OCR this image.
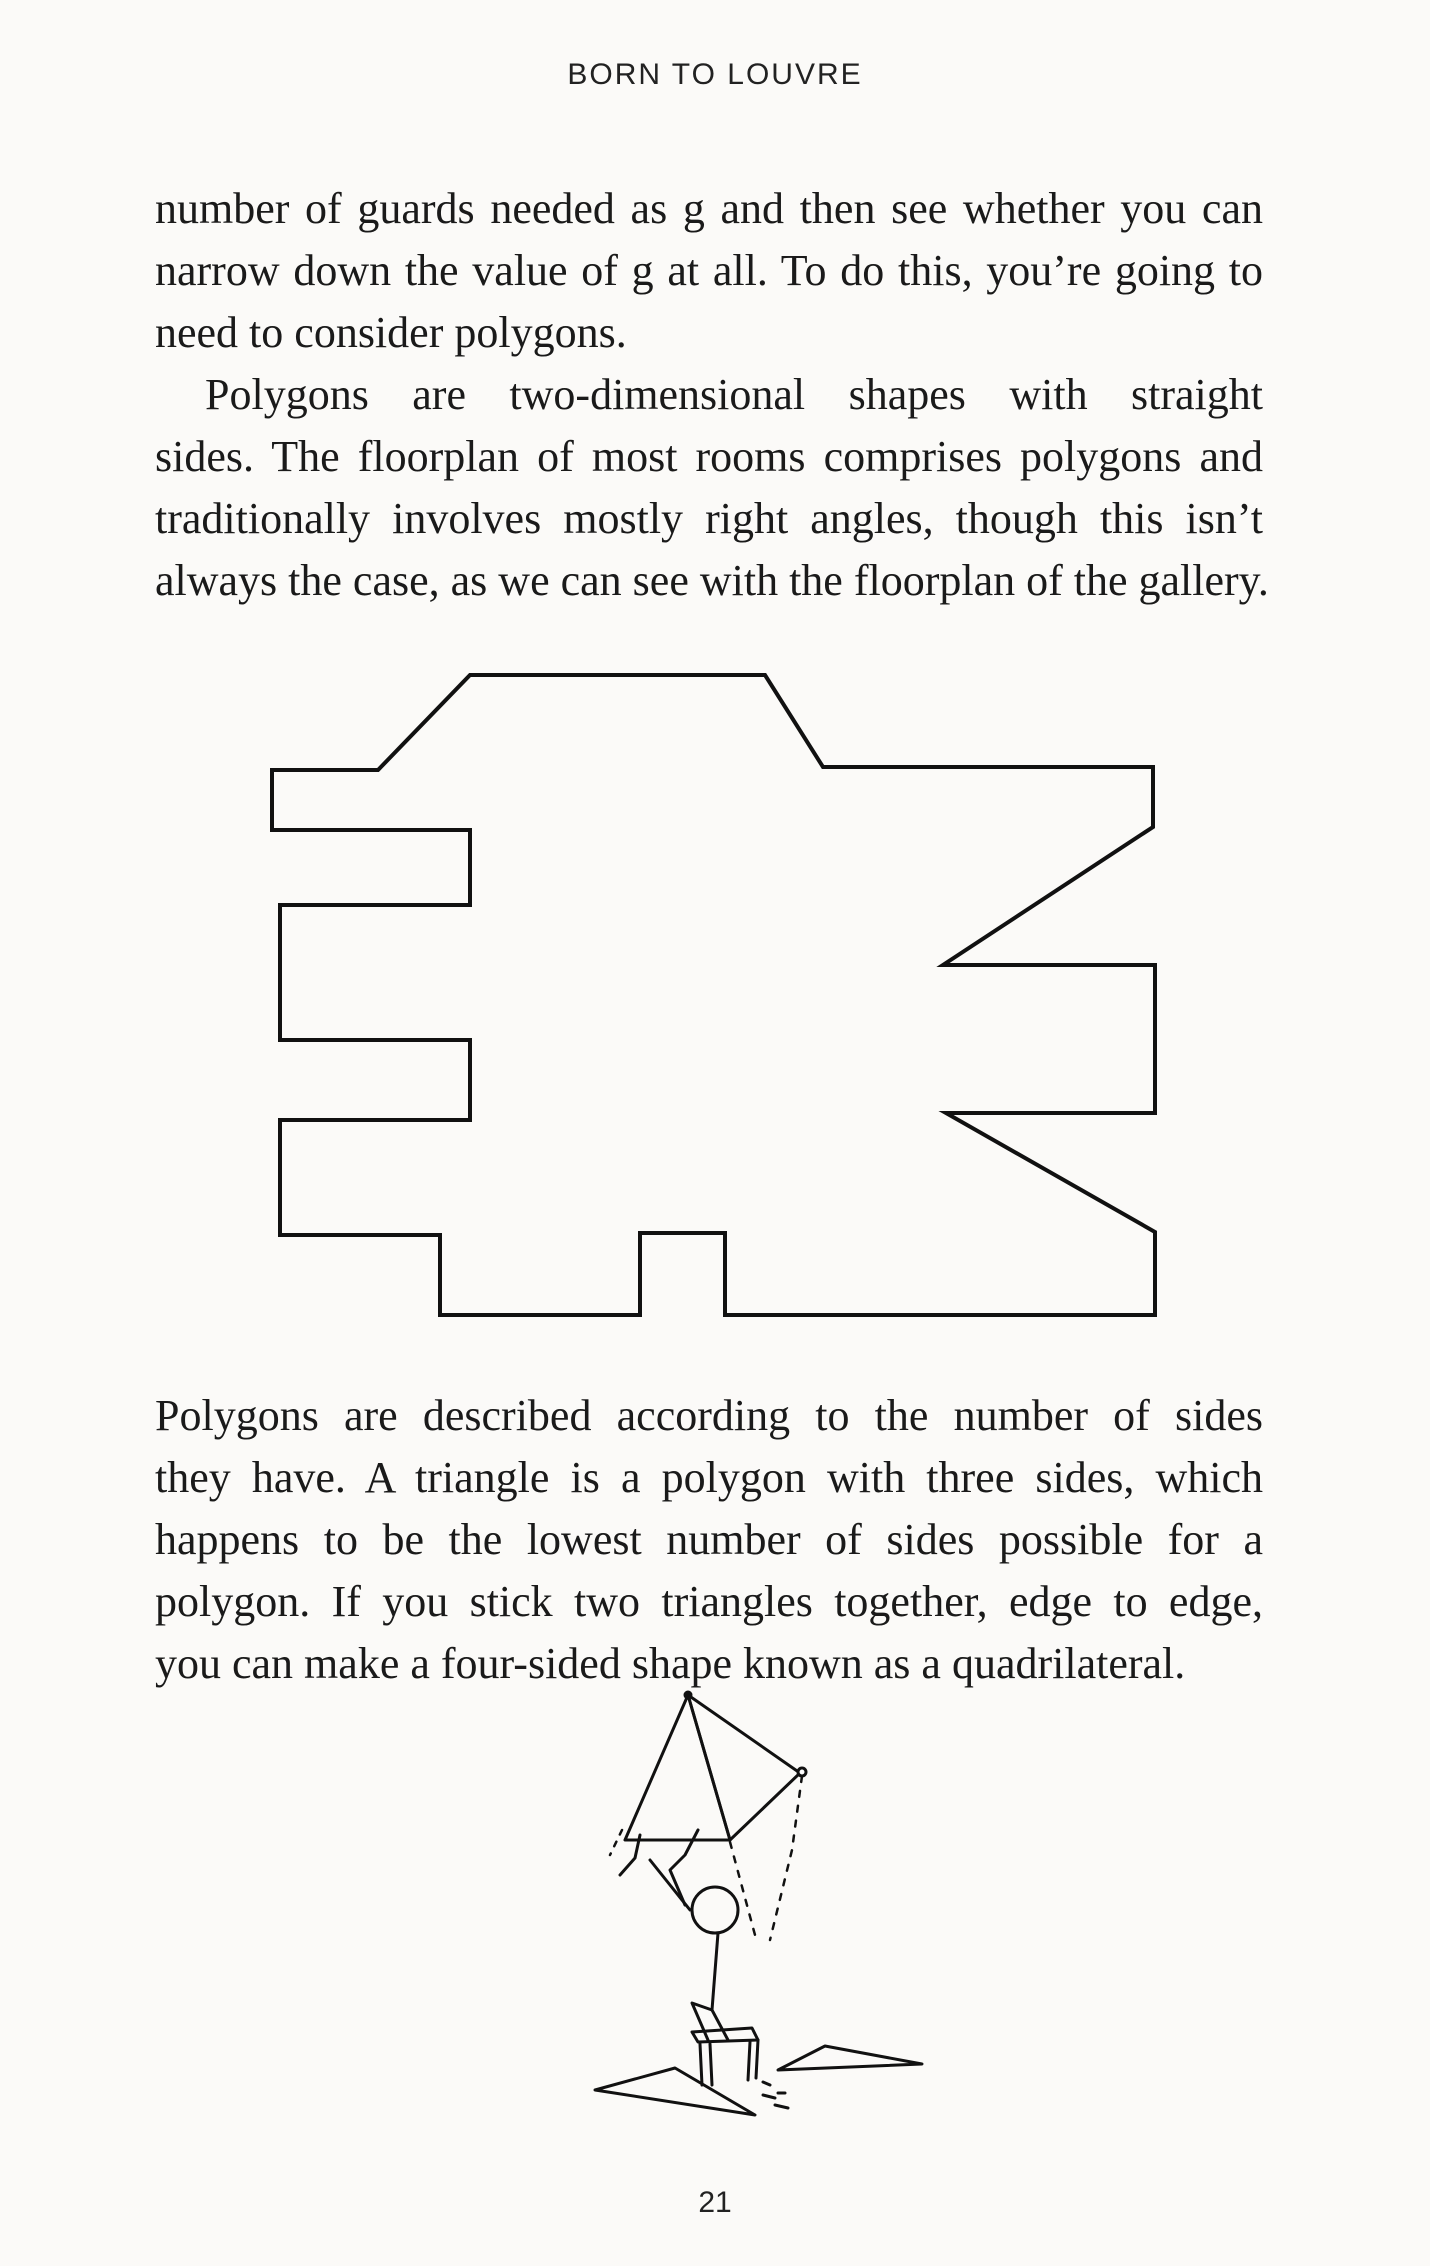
BORN TO LOUVRE
number of guards needed as g and then see whether you can
narrow down the value of g at all. To do this, you’re going to
need to consider polygons.
Polygons are two-dimensional shapes with straight
sides. The floorplan of most rooms comprises polygons and
traditionally involves mostly right angles, though this isn’t
always the case, as we can see with the floorplan of the gallery.
Polygons are described according to the number of sides
they have. A triangle is a polygon with three sides, which
happens to be the lowest number of sides possible for a
polygon. If you stick two triangles together, edge to edge,
you can make a four-sided shape known as a quadrilateral.
21
